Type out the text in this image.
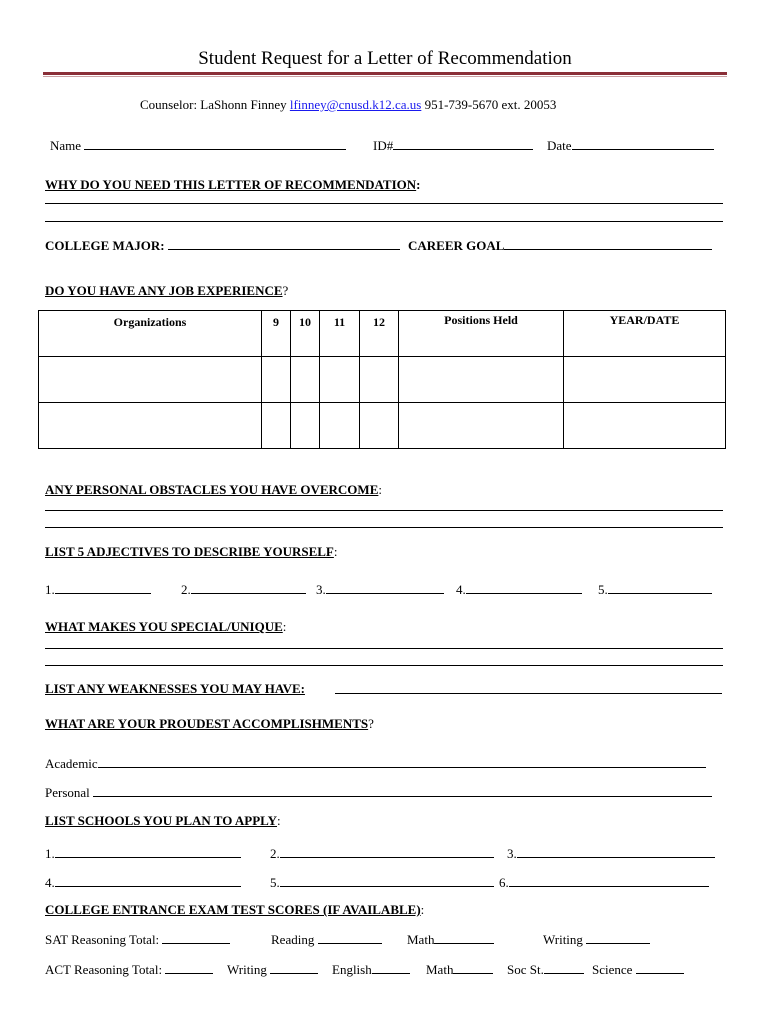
Student Request for a Letter of Recommendation
Counselor: LaShonn Finney lfinney@cnusd.k12.ca.us 951-739-5670 ext. 20053
Name	ID#	Date
WHY DO YOU NEED THIS LETTER OF RECOMMENDATION:
COLLEGE MAJOR:	CAREER GOAL
DO YOU HAVE ANY JOB EXPERIENCE?
Organizations	9	10	11	12	Positions Held	YEAR/DATE

ANY PERSONAL OBSTACLES YOU HAVE OVERCOME:
LIST 5 ADJECTIVES TO DESCRIBE YOURSELF:
1.	2.	3.	4.	5.
WHAT MAKES YOU SPECIAL/UNIQUE:
LIST ANY WEAKNESSES YOU MAY HAVE:
WHAT ARE YOUR PROUDEST ACCOMPLISHMENTS?
Academic
Personal
LIST SCHOOLS YOU PLAN TO APPLY:
1.	2.	3.
4.	5.	6.
COLLEGE ENTRANCE EXAM TEST SCORES (IF AVAILABLE):
SAT Reasoning Total:	Reading	Math	Writing
ACT Reasoning Total:	Writing	English	Math	Soc St.	Science
